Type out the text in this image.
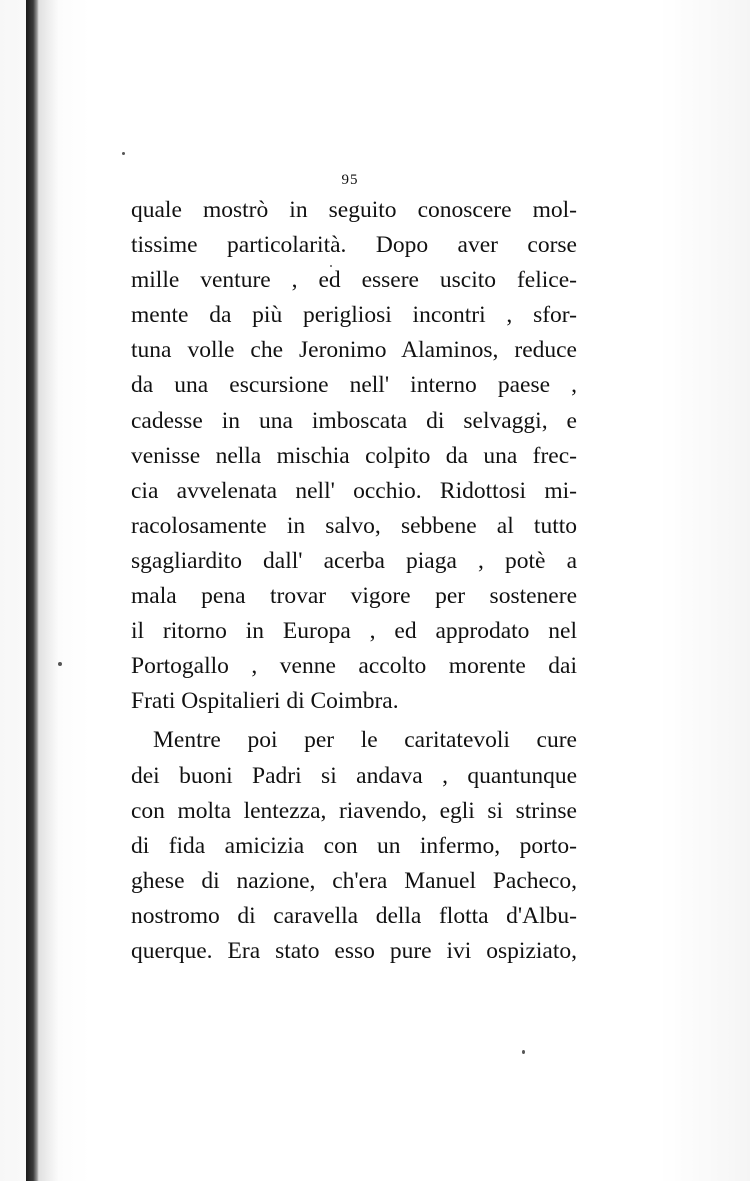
95
quale mostrò in seguito conoscere mol-
tissime particolarità. Dopo aver corse
mille venture , ed essere uscito felice-
mente da più perigliosi incontri , sfor-
tuna volle che Jeronimo Alaminos, reduce
da una escursione nell' interno paese ,
cadesse in una imboscata di selvaggi, e
venisse nella mischia colpito da una frec-
cia avvelenata nell' occhio. Ridottosi mi-
racolosamente in salvo, sebbene al tutto
sgagliardito dall' acerba piaga , potè a
mala pena trovar vigore per sostenere
il ritorno in Europa , ed approdato nel
Portogallo , venne accolto morente dai
Frati Ospitalieri di Coimbra.
Mentre poi per le caritatevoli cure
dei buoni Padri si andava , quantunque
con molta lentezza, riavendo, egli si strinse
di fida amicizia con un infermo, porto-
ghese di nazione, ch'era Manuel Pacheco,
nostromo di caravella della flotta d'Albu-
querque. Era stato esso pure ivi ospiziato,
